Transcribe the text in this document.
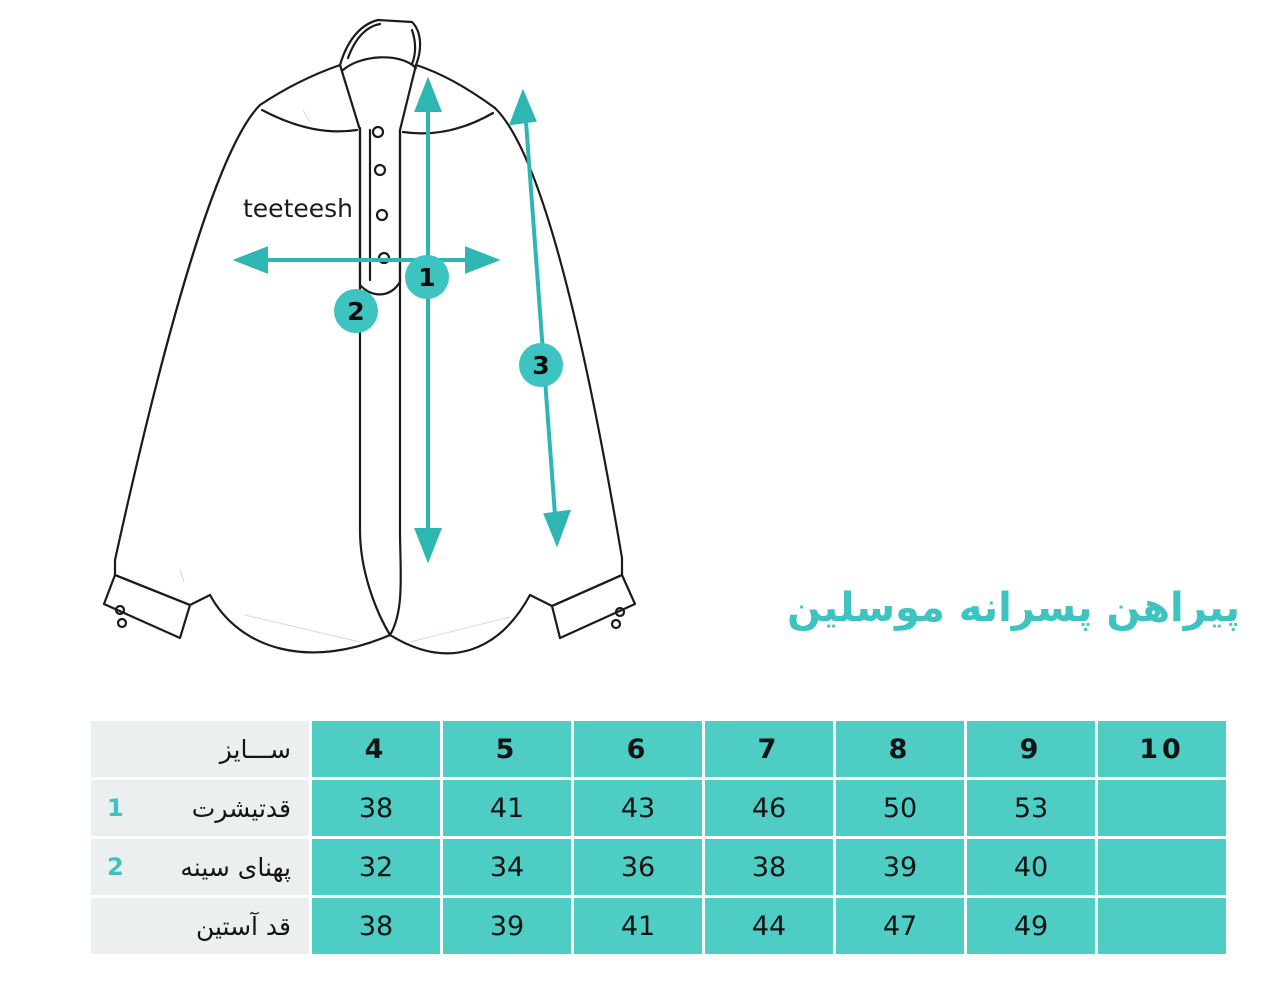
teeteesh
1
2
3
پیراهن پسرانه موسلین
10	9	8	7	6	5	4	ســـایز
	53	50	46	43	41	38	1 قدتیشرت
	40	39	38	36	34	32	2 پهنای سینه
	49	47	44	41	39	38	قد آستین
